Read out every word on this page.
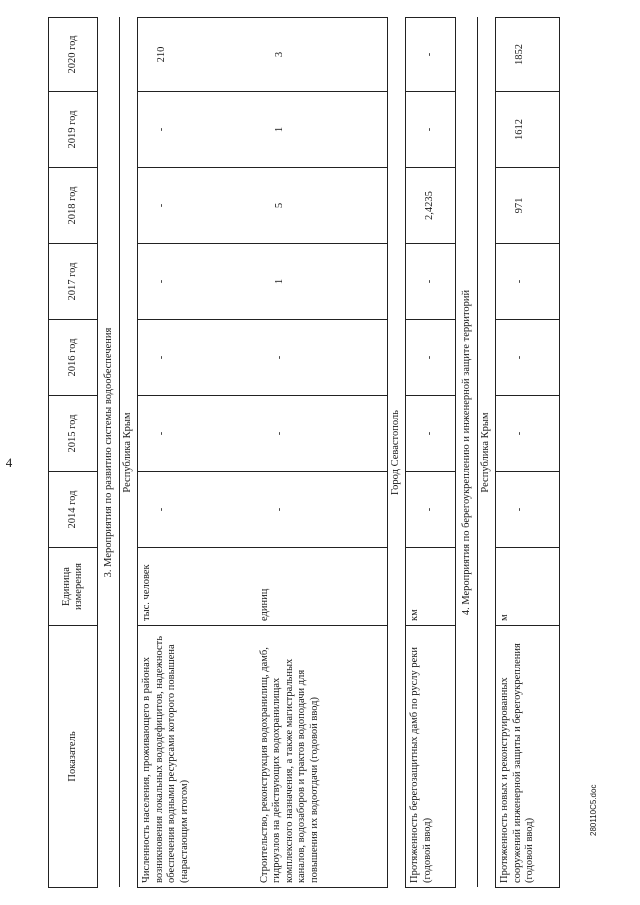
4
Показатель	Единица измерения	2014 год	2015 год	2016 год	2017 год	2018 год	2019 год	2020 год
3. Мероприятия по развитию системы водообеспечения								
Республика Крым								
Численность населения, проживающего в районах возникновения локальных вододефицитов, надежность обеспечения водными ресурсами которого повышена (нарастающим итогом)	тыс. человек	-	-	-	-	-	-	210
Строительство, реконструкция водохранилищ, дамб, гидроузлов на действующих водохранилищах комплексного назначения, а также магистральных каналов, водозаборов и трактов водоподачи для повышения их водоотдачи (годовой ввод)	единиц	-	-	-	1	5	1	3
Город Севастополь								
Протяженность берегозащитных дамб по руслу реки (годовой ввод)	км	-	-	-	-	2,4235	-	-
4. Мероприятия по берегоукреплению и инженерной защите территорий								
Республика Крым								
Протяженность новых и реконструированных сооружений инженерной защиты и берегоукрепления (годовой ввод)	м	-	-	-	-	971	1612	1852
280110C5.doc
